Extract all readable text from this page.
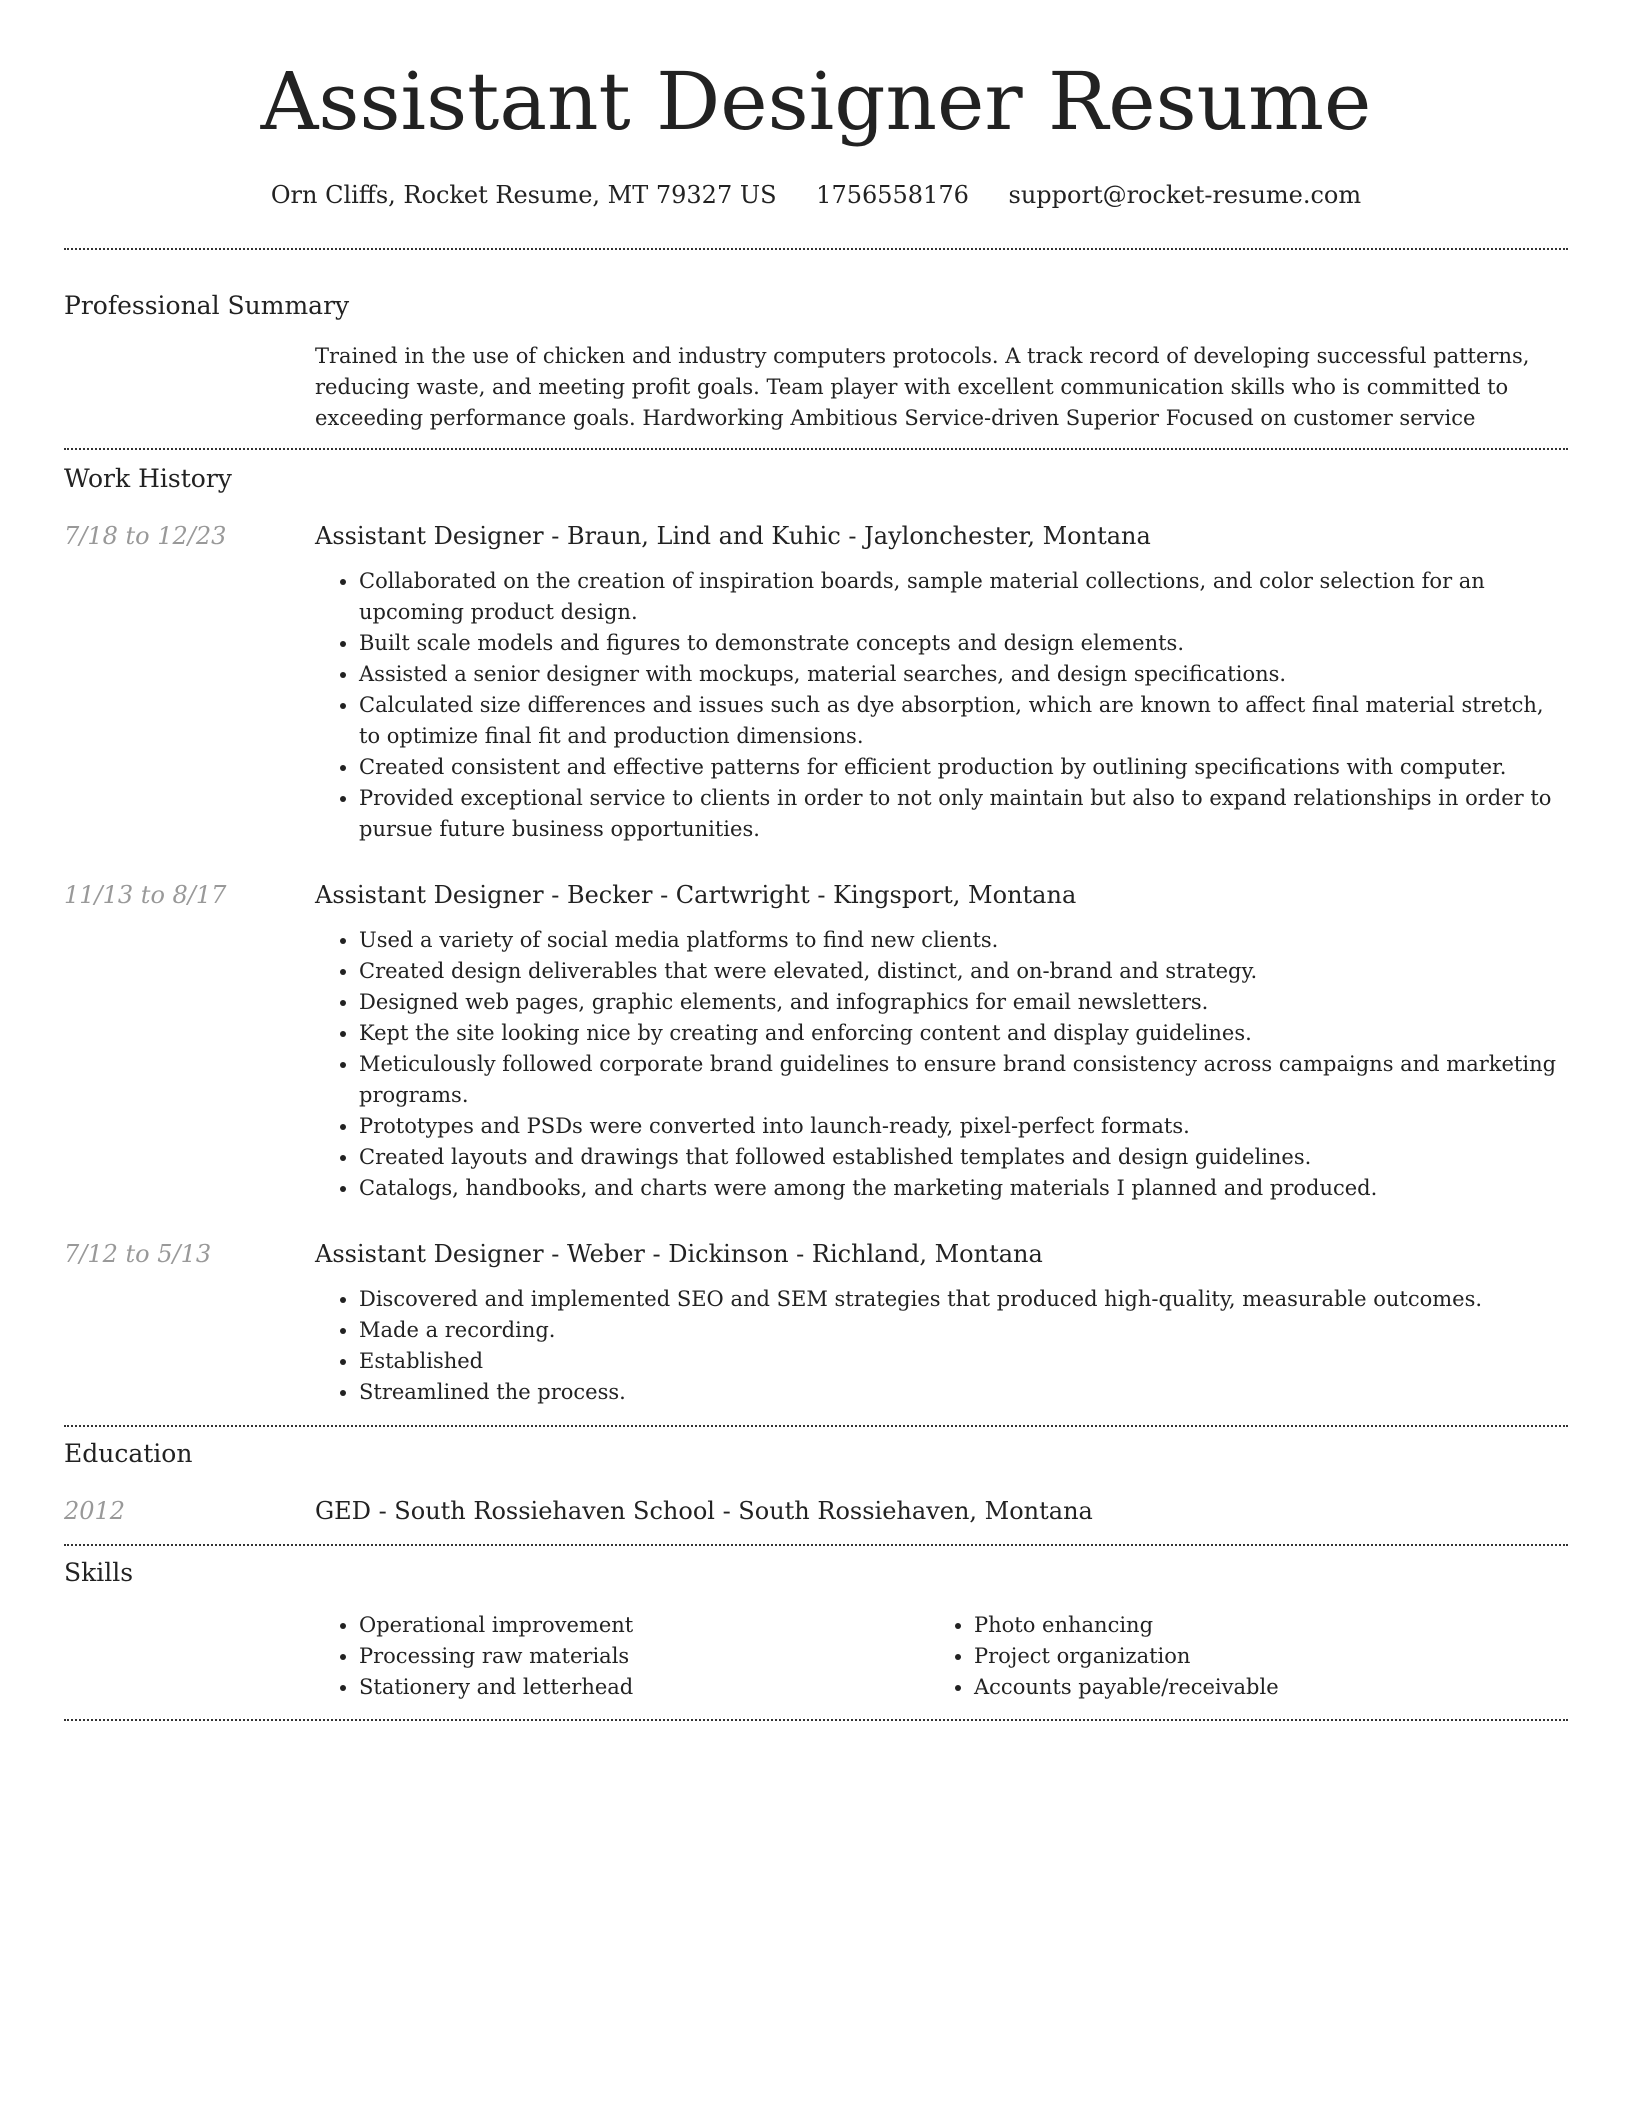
Assistant Designer Resume
Orn Cliffs, Rocket Resume, MT 79327 US 1756558176 support@rocket-resume.com
Professional Summary

Trained in the use of chicken and industry computers protocols. A track record of developing successful patterns, reducing waste, and meeting profit goals. Team player with excellent communication skills who is committed to exceeding performance goals. Hardworking Ambitious Service-driven Superior Focused on customer service

Work History
7/18 to 12/23	Assistant Designer - Braun, Lind and Kuhic - Jaylonchester, Montana
• Collaborated on the creation of inspiration boards, sample material collections, and color selection for an upcoming product design.
• Built scale models and figures to demonstrate concepts and design elements.
• Assisted a senior designer with mockups, material searches, and design specifications.
• Calculated size differences and issues such as dye absorption, which are known to affect final material stretch, to optimize final fit and production dimensions.
• Created consistent and effective patterns for efficient production by outlining specifications with computer.
• Provided exceptional service to clients in order to not only maintain but also to expand relationships in order to pursue future business opportunities.
11/13 to 8/17	Assistant Designer - Becker - Cartwright - Kingsport, Montana
• Used a variety of social media platforms to find new clients.
• Created design deliverables that were elevated, distinct, and on-brand and strategy.
• Designed web pages, graphic elements, and infographics for email newsletters.
• Kept the site looking nice by creating and enforcing content and display guidelines.
• Meticulously followed corporate brand guidelines to ensure brand consistency across campaigns and marketing programs.
• Prototypes and PSDs were converted into launch-ready, pixel-perfect formats.
• Created layouts and drawings that followed established templates and design guidelines.
• Catalogs, handbooks, and charts were among the marketing materials I planned and produced.
7/12 to 5/13	Assistant Designer - Weber - Dickinson - Richland, Montana
• Discovered and implemented SEO and SEM strategies that produced high-quality, measurable outcomes.
• Made a recording.
• Established
• Streamlined the process.
Education
2012	GED - South Rossiehaven School - South Rossiehaven, Montana
Skills
• Operational improvement
• Processing raw materials
• Stationery and letterhead
• Photo enhancing
• Project organization
• Accounts payable/receivable
